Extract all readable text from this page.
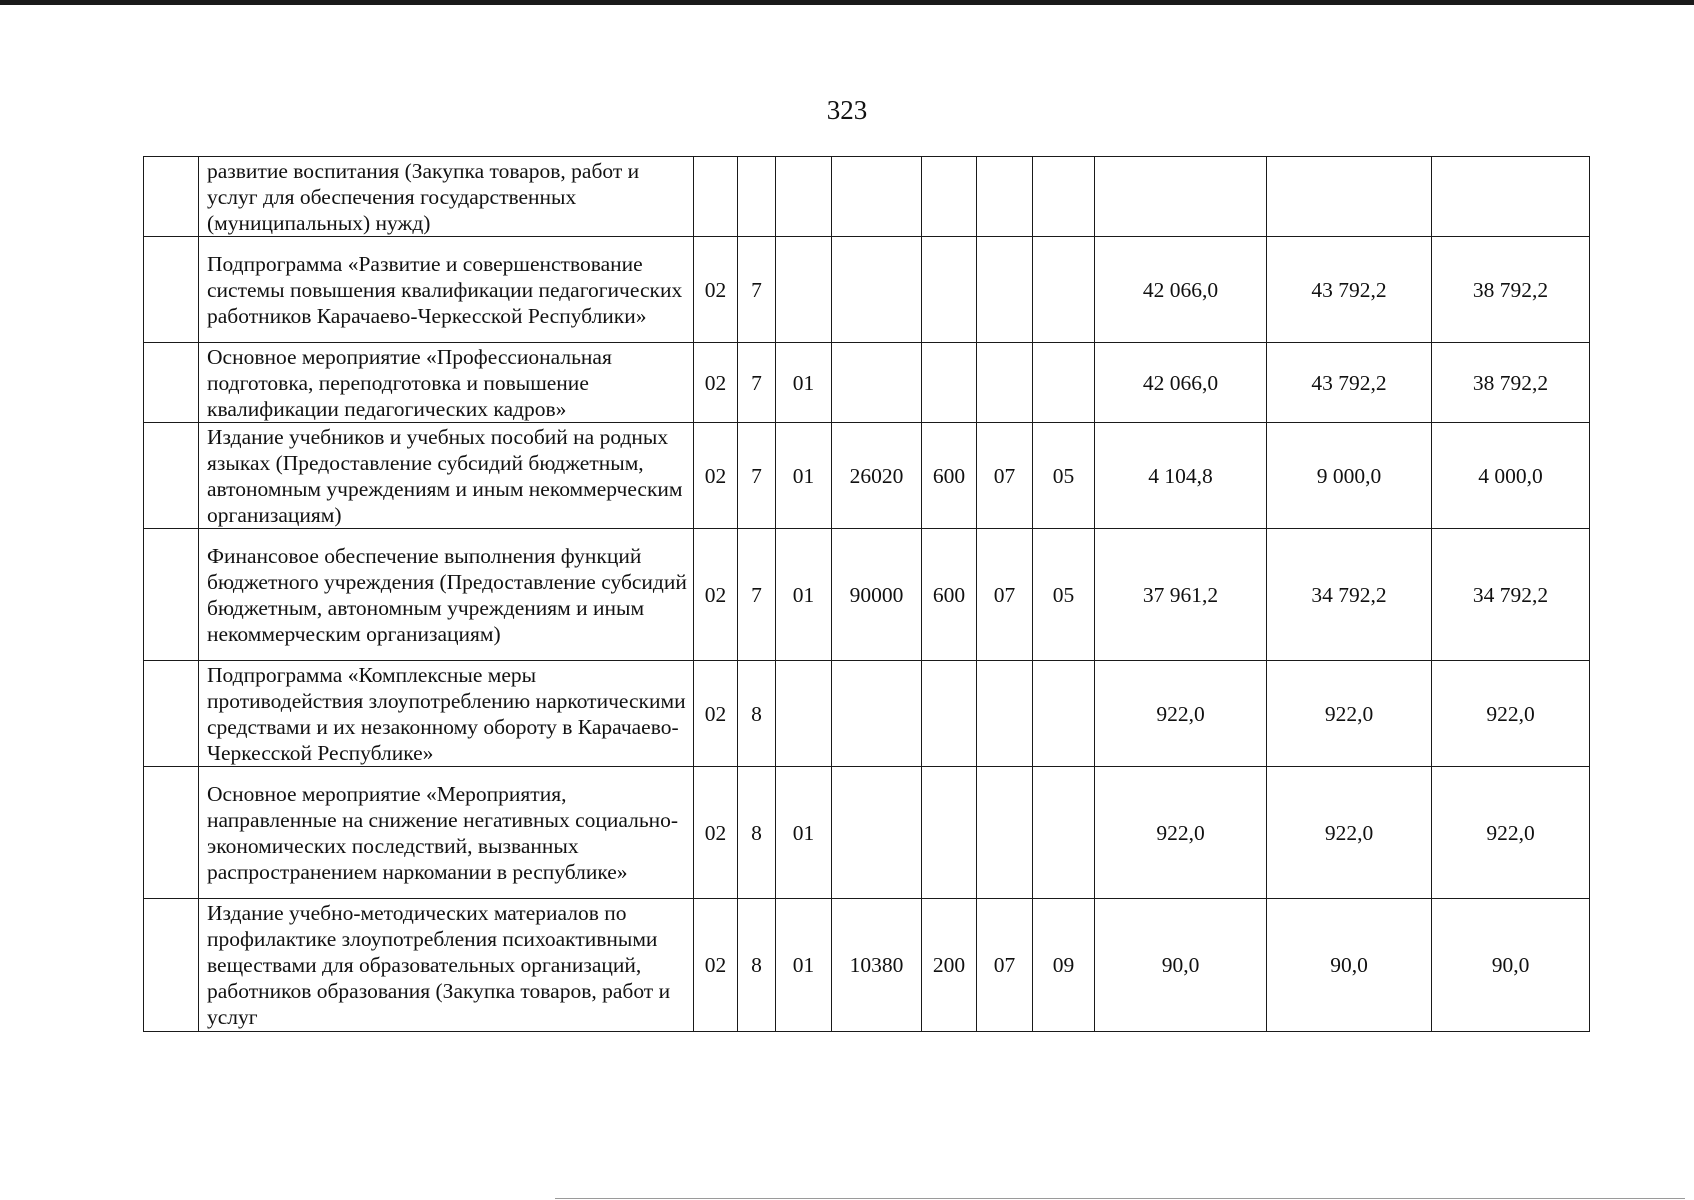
323
	развитие воспитания (Закупка товаров, работ и услуг для обеспечения государственных (муниципальных) нужд)										
	Подпрограмма «Развитие и совершенствование системы повышения квалификации педагогических работников Карачаево-Черкесской Республики»	02	7						42 066,0	43 792,2	38 792,2
	Основное мероприятие «Профессиональная подготовка, переподготовка и повышение квалификации педагогических кадров»	02	7	01					42 066,0	43 792,2	38 792,2
	Издание учебников и учебных пособий на родных языках (Предоставление субсидий бюджетным, автономным учреждениям и иным некоммерческим организациям)	02	7	01	26020	600	07	05	4 104,8	9 000,0	4 000,0
	Финансовое обеспечение выполнения функций бюджетного учреждения (Предоставление субсидий бюджетным, автономным учреждениям и иным некоммерческим организациям)	02	7	01	90000	600	07	05	37 961,2	34 792,2	34 792,2
	Подпрограмма «Комплексные меры противодействия злоупотреблению наркотическими средствами и их незаконному обороту в Карачаево-Черкесской Республике»	02	8						922,0	922,0	922,0
	Основное мероприятие «Мероприятия, направленные на снижение негативных социально-экономических последствий, вызванных распространением наркомании в республике»	02	8	01					922,0	922,0	922,0
	Издание учебно-методических материалов по профилактике злоупотребления психоактивными веществами для образовательных организаций, работников образования (Закупка товаров, работ и услуг	02	8	01	10380	200	07	09	90,0	90,0	90,0
